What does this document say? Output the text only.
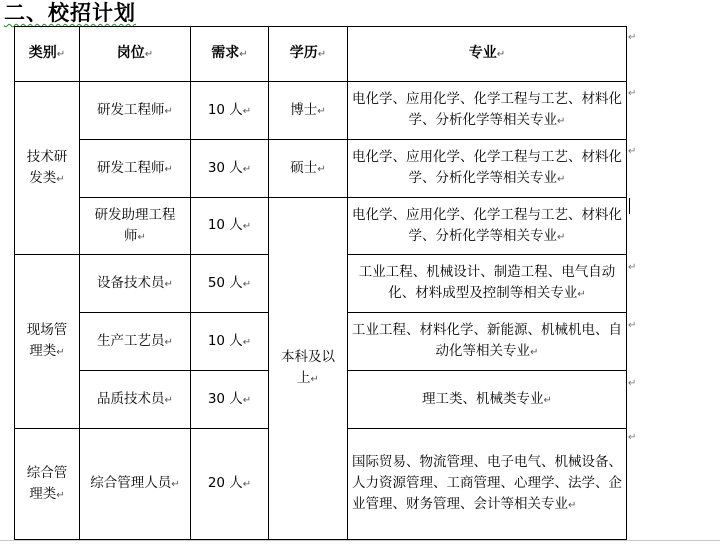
二、校招计划
类别↵	岗位↵	需求↵	学历↵	专业↵
技术研发类↵	研发工程师↵	10 人↵	博士↵	电化学、应用化学、化学工程与工艺、材料化学、分析化学等相关专业↵
	研发工程师↵	30 人↵	硕士↵	电化学、应用化学、化学工程与工艺、材料化学、分析化学等相关专业↵
	研发助理工程师↵	10 人↵	本科及以上↵	电化学、应用化学、化学工程与工艺、材料化学、分析化学等相关专业↵
现场管理类↵	设备技术员↵	50 人↵		工业工程、机械设计、制造工程、电气自动化、材料成型及控制等相关专业↵
	生产工艺员↵	10 人↵		工业工程、材料化学、新能源、机械机电、自动化等相关专业↵
	品质技术员↵	30 人↵		理工类、机械类专业↵
综合管理类↵	综合管理人员↵	20 人↵		国际贸易、物流管理、电子电气、机械设备、人力资源管理、工商管理、心理学、法学、企业管理、财务管理、会计等相关专业↵
↵
↵
↵
↵
↵
↵
↵
